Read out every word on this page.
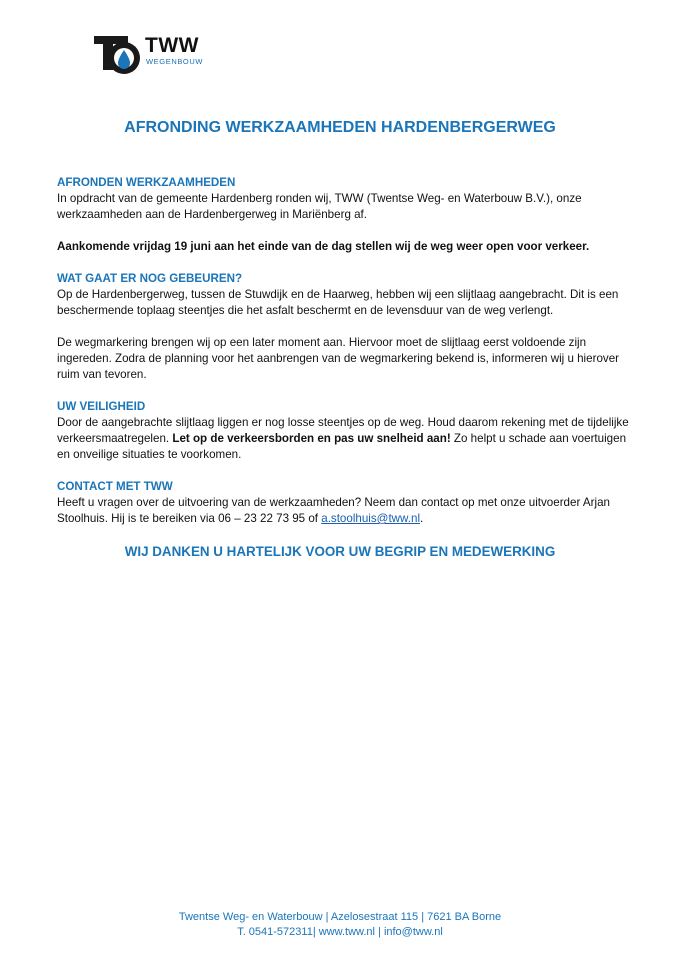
TWW
WEGENBOUW
AFRONDING WERKZAAMHEDEN HARDENBERGERWEG

AFRONDEN WERKZAAMHEDEN

In opdracht van de gemeente Hardenberg ronden wij, TWW (Twentse Weg- en Waterbouw B.V.), onze werkzaamheden aan de Hardenbergerweg in Mariënberg af.

Aankomende vrijdag 19 juni aan het einde van de dag stellen wij de weg weer open voor verkeer.

WAT GAAT ER NOG GEBEUREN?

Op de Hardenbergerweg, tussen de Stuwdijk en de Haarweg, hebben wij een slijtlaag aangebracht. Dit is een beschermende toplaag steentjes die het asfalt beschermt en de levensduur van de weg verlengt.

De wegmarkering brengen wij op een later moment aan. Hiervoor moet de slijtlaag eerst voldoende zijn ingereden. Zodra de planning voor het aanbrengen van de wegmarkering bekend is, informeren wij u hierover ruim van tevoren.

UW VEILIGHEID

Door de aangebrachte slijtlaag liggen er nog losse steentjes op de weg. Houd daarom rekening met de tijdelijke verkeersmaatregelen. Let op de verkeersborden en pas uw snelheid aan! Zo helpt u schade aan voertuigen en onveilige situaties te voorkomen.

CONTACT MET TWW

Heeft u vragen over de uitvoering van de werkzaamheden? Neem dan contact op met onze uitvoerder Arjan Stoolhuis. Hij is te bereiken via 06 – 23 22 73 95 of a.stoolhuis@tww.nl.

WIJ DANKEN U HARTELIJK VOOR UW BEGRIP EN MEDEWERKING

Twentse Weg- en Waterbouw | Azelosestraat 115 | 7621 BA Borne
T. 0541-572311| www.tww.nl | info@tww.nl
